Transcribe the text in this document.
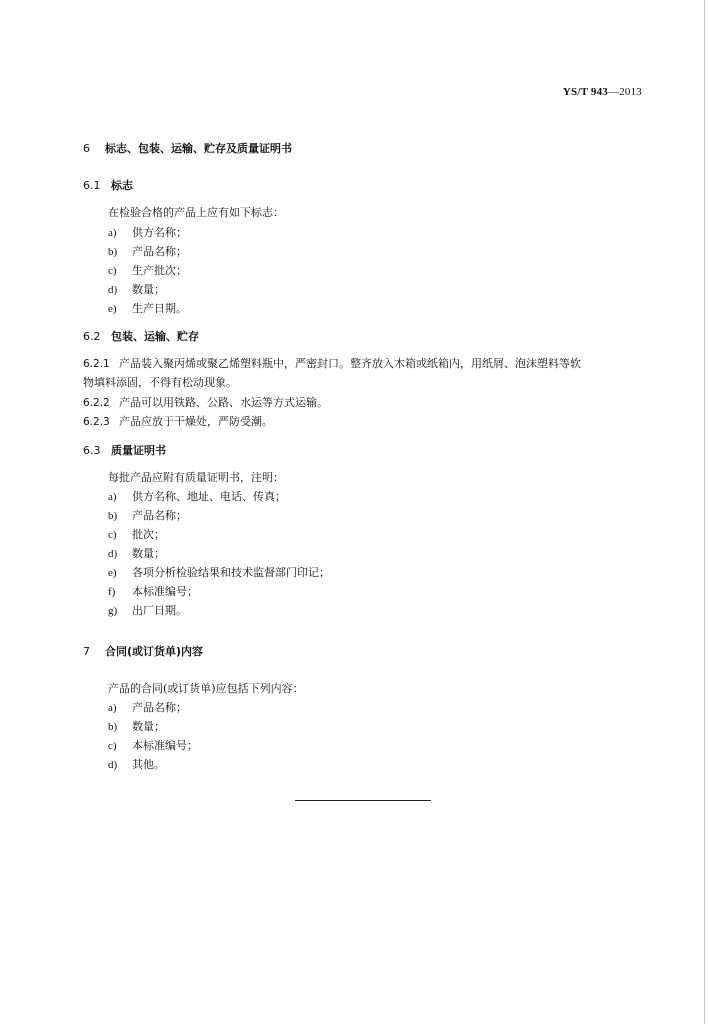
YS/T 943—2013
6 标志、包装、运输、贮存及质量证明书
6.1 标志
在检验合格的产品上应有如下标志：
a) 供方名称；
b) 产品名称；
c) 生产批次；
d) 数量；
e) 生产日期。
6.2 包装、运输、贮存
6.2.1 产品装入聚丙烯或聚乙烯塑料瓶中，严密封口。整齐放入木箱或纸箱内，用纸屑、泡沫塑料等软
物填料添固，不得有松动现象。
6.2.2 产品可以用铁路、公路、水运等方式运输。
6.2.3 产品应放于干燥处，严防受潮。
6.3 质量证明书
每批产品应附有质量证明书，注明：
a) 供方名称、地址、电话、传真；
b) 产品名称；
c) 批次；
d) 数量；
e) 各项分析检验结果和技术监督部门印记；
f) 本标准编号；
g) 出厂日期。
7 合同(或订货单)内容
产品的合同(或订货单)应包括下列内容：
a) 产品名称；
b) 数量；
c) 本标准编号；
d) 其他。
